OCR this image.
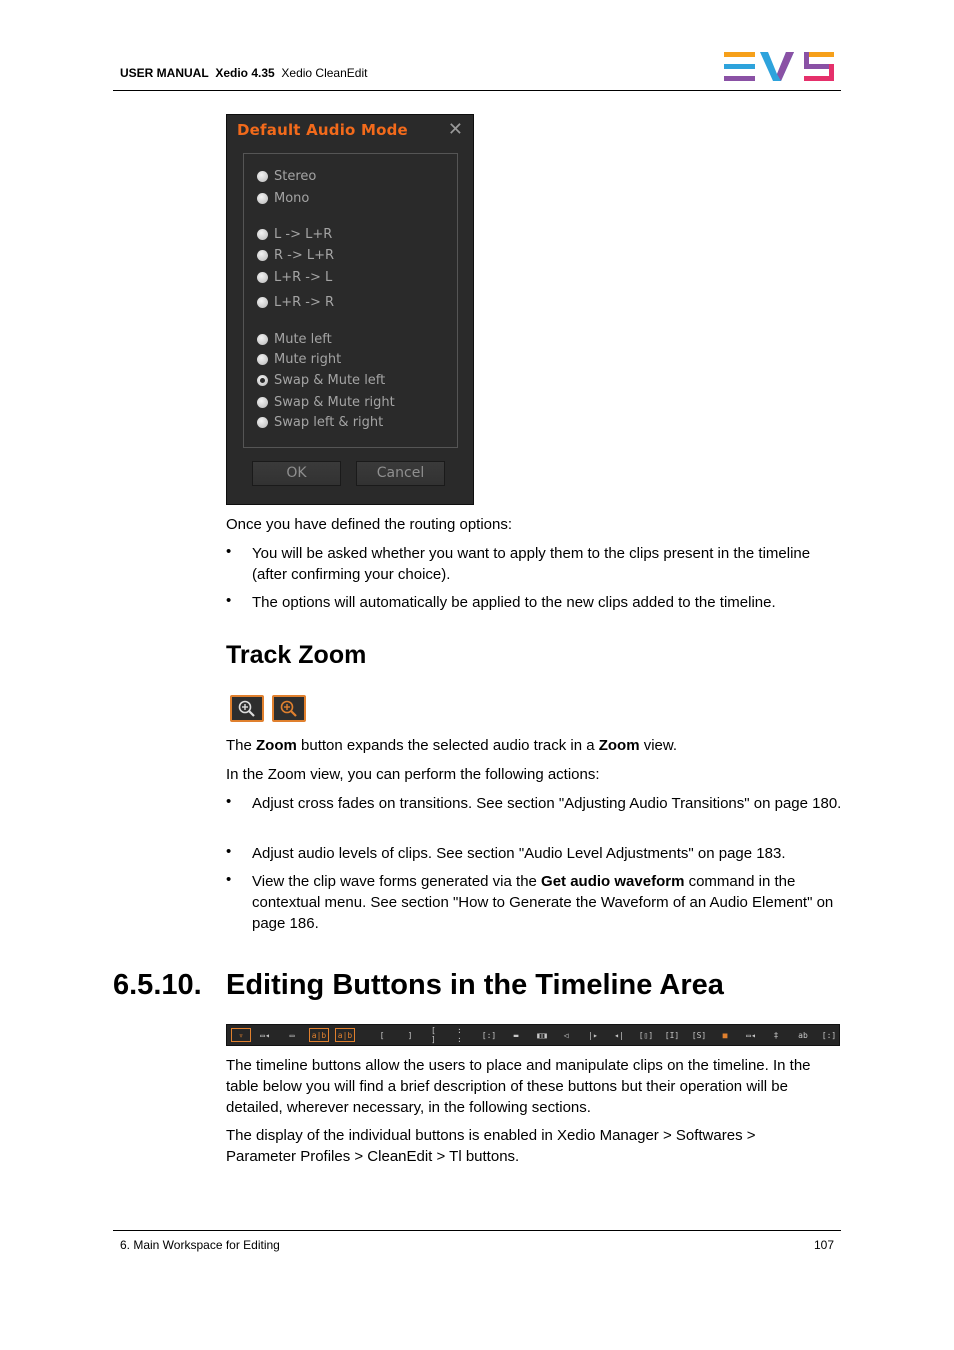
USER MANUAL Xedio 4.35 Xedio CleanEdit
Default Audio Mode ✕
Stereo
Mono
L -> L+R
R -> L+R
L+R -> L
L+R -> R
Mute left
Mute right
Swap & Mute left
Swap & Mute right
Swap left & right
OK	Cancel
Once you have defined the routing options:
• You will be asked whether you want to apply them to the clips present in the timeline (after confirming your choice).
• The options will automatically be applied to the new clips added to the timeline.
Track Zoom
The Zoom button expands the selected audio track in a Zoom view.
In the Zoom view, you can perform the following actions:
• Adjust cross fades on transitions. See section "Adjusting Audio Transitions" on page 180.
• Adjust audio levels of clips. See section "Audio Level Adjustments" on page 183.
• View the clip wave forms generated via the Get audio waveform command in the contextual menu. See section "How to Generate the Waveform of an Audio Element" on page 186.
6.5.10. Editing Buttons in the Timeline Area
▿	▭◂	▭	a|b	a|b	[	]	[ ]
: :	[:]	▬	◧◨	◁	|▸ ◂| [▯] [I] [S]	■	▭◂	‡	ab	[:]
The timeline buttons allow the users to place and manipulate clips on the timeline. In the table below you will find a brief description of these buttons but their operation will be detailed, wherever necessary, in the following sections.
The display of the individual buttons is enabled in Xedio Manager > Softwares > Parameter Profiles > CleanEdit > Tl buttons.
6. Main Workspace for Editing	107
